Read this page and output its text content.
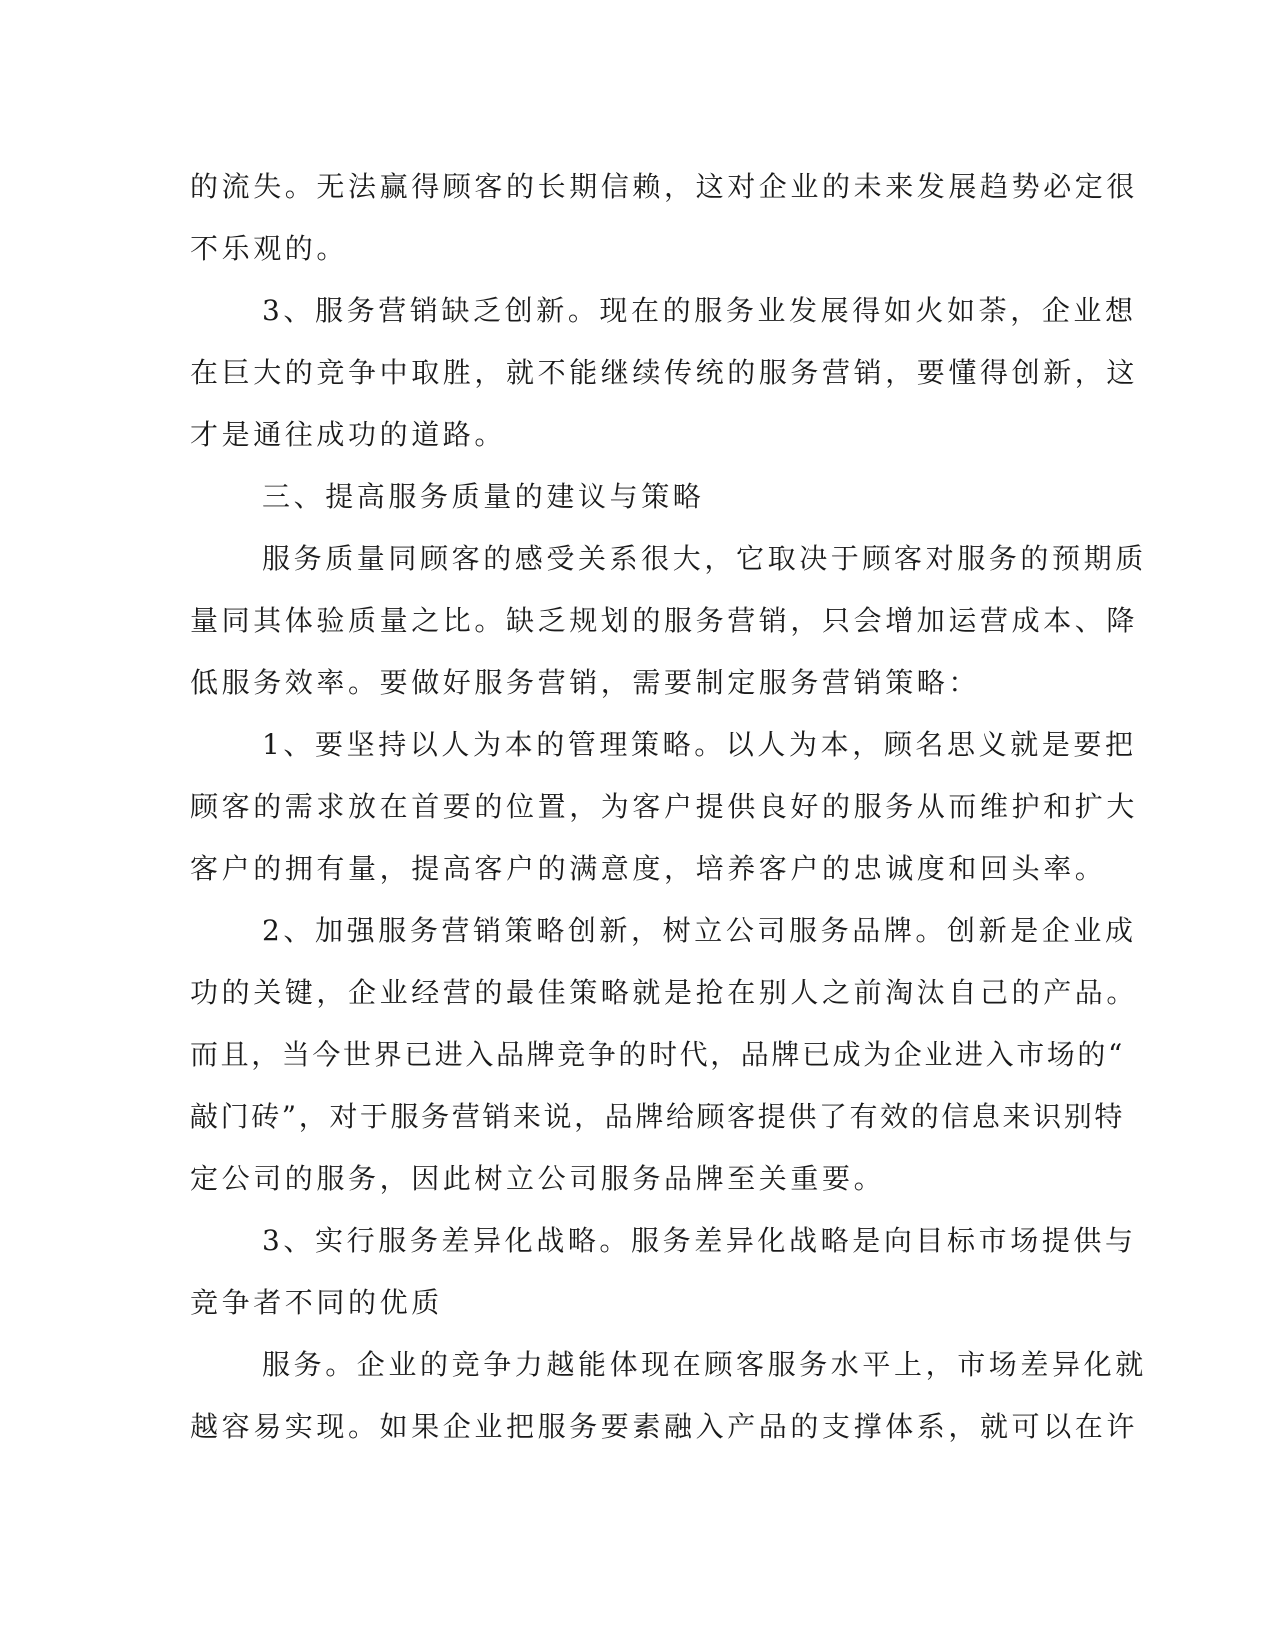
的流失。无法赢得顾客的长期信赖，这对企业的未来发展趋势必定很
不乐观的。
3、服务营销缺乏创新。现在的服务业发展得如火如荼，企业想
在巨大的竞争中取胜，就不能继续传统的服务营销，要懂得创新，这
才是通往成功的道路。
三、提高服务质量的建议与策略
服务质量同顾客的感受关系很大，它取决于顾客对服务的预期质
量同其体验质量之比。缺乏规划的服务营销，只会增加运营成本、降
低服务效率。要做好服务营销，需要制定服务营销策略：
1、要坚持以人为本的管理策略。以人为本，顾名思义就是要把
顾客的需求放在首要的位置，为客户提供良好的服务从而维护和扩大
客户的拥有量，提高客户的满意度，培养客户的忠诚度和回头率。
2、加强服务营销策略创新，树立公司服务品牌。创新是企业成
功的关键，企业经营的最佳策略就是抢在别人之前淘汰自己的产品。
而且，当今世界已进入品牌竞争的时代，品牌已成为企业进入市场的“
敲门砖”，对于服务营销来说，品牌给顾客提供了有效的信息来识别特
定公司的服务，因此树立公司服务品牌至关重要。
3、实行服务差异化战略。服务差异化战略是向目标市场提供与
竞争者不同的优质
服务。企业的竞争力越能体现在顾客服务水平上，市场差异化就
越容易实现。如果企业把服务要素融入产品的支撑体系，就可以在许
